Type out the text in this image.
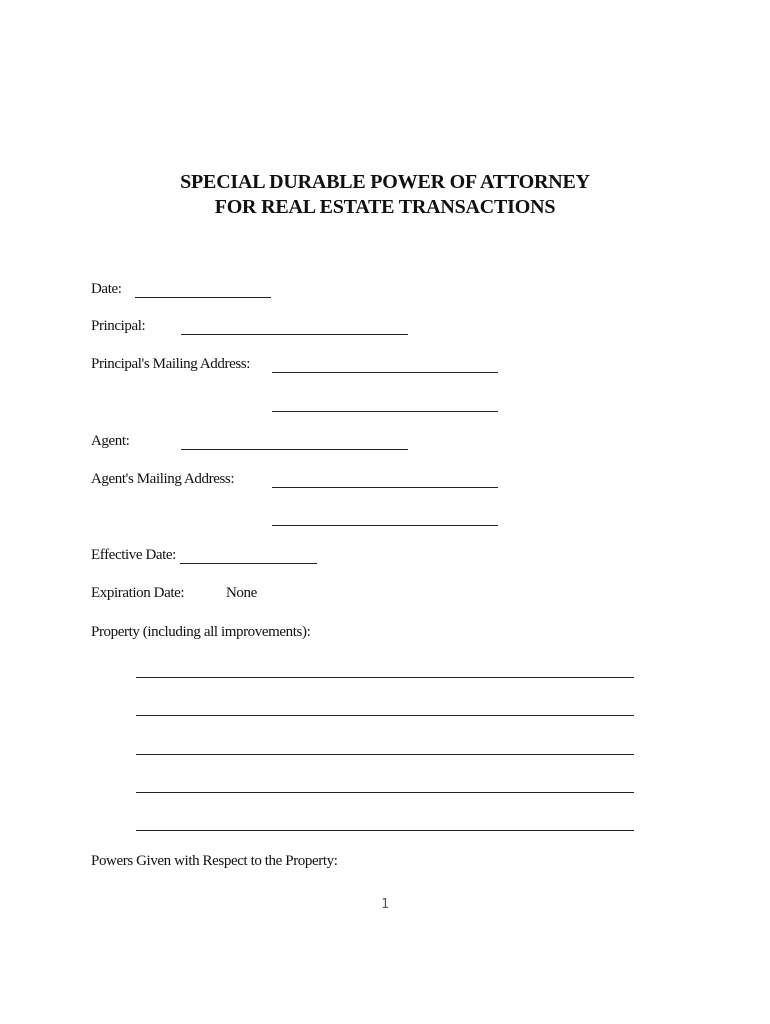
SPECIAL DURABLE POWER OF ATTORNEY
FOR REAL ESTATE TRANSACTIONS
Date:
Principal:
Principal's Mailing Address:
Agent:
Agent's Mailing Address:
Effective Date:
Expiration Date:	None
Property (including all improvements):
Powers Given with Respect to the Property:
1
